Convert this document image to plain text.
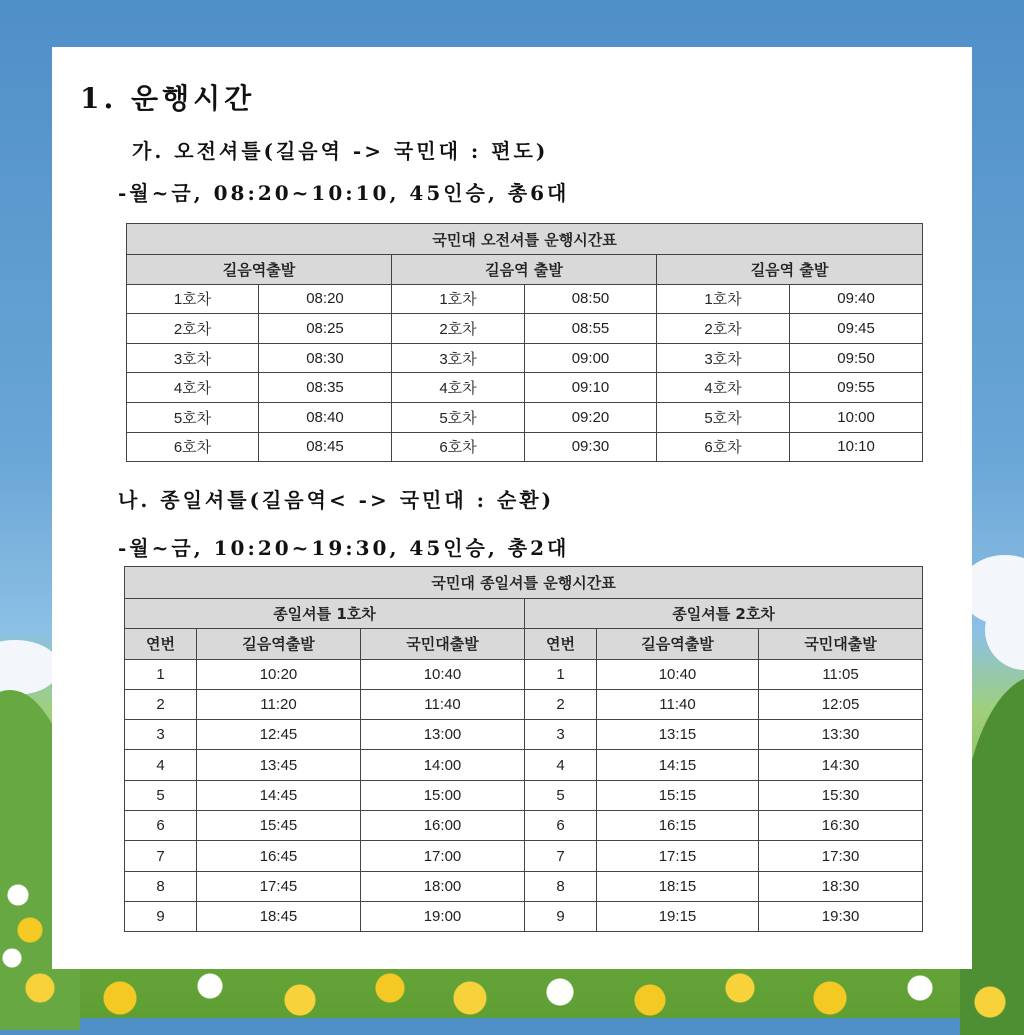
1. 운행시간
가. 오전셔틀(길음역 -> 국민대 : 편도)
-월~금, 08:20~10:10, 45인승, 총6대
국민대 오전셔틀 운행시간표					
길음역출발		길음역 출발		길음역 출발	
1호차	08:20	1호차	08:50	1호차	09:40
2호차	08:25	2호차	08:55	2호차	09:45
3호차	08:30	3호차	09:00	3호차	09:50
4호차	08:35	4호차	09:10	4호차	09:55
5호차	08:40	5호차	09:20	5호차	10:00
6호차	08:45	6호차	09:30	6호차	10:10
나. 종일셔틀(길음역< -> 국민대 : 순환)
-월~금, 10:20~19:30, 45인승, 총2대
국민대 종일셔틀 운행시간표					
종일셔틀 1호차			종일셔틀 2호차		
연번	길음역출발	국민대출발	연번	길음역출발	국민대출발
1	10:20	10:40	1	10:40	11:05
2	11:20	11:40	2	11:40	12:05
3	12:45	13:00	3	13:15	13:30
4	13:45	14:00	4	14:15	14:30
5	14:45	15:00	5	15:15	15:30
6	15:45	16:00	6	16:15	16:30
7	16:45	17:00	7	17:15	17:30
8	17:45	18:00	8	18:15	18:30
9	18:45	19:00	9	19:15	19:30
